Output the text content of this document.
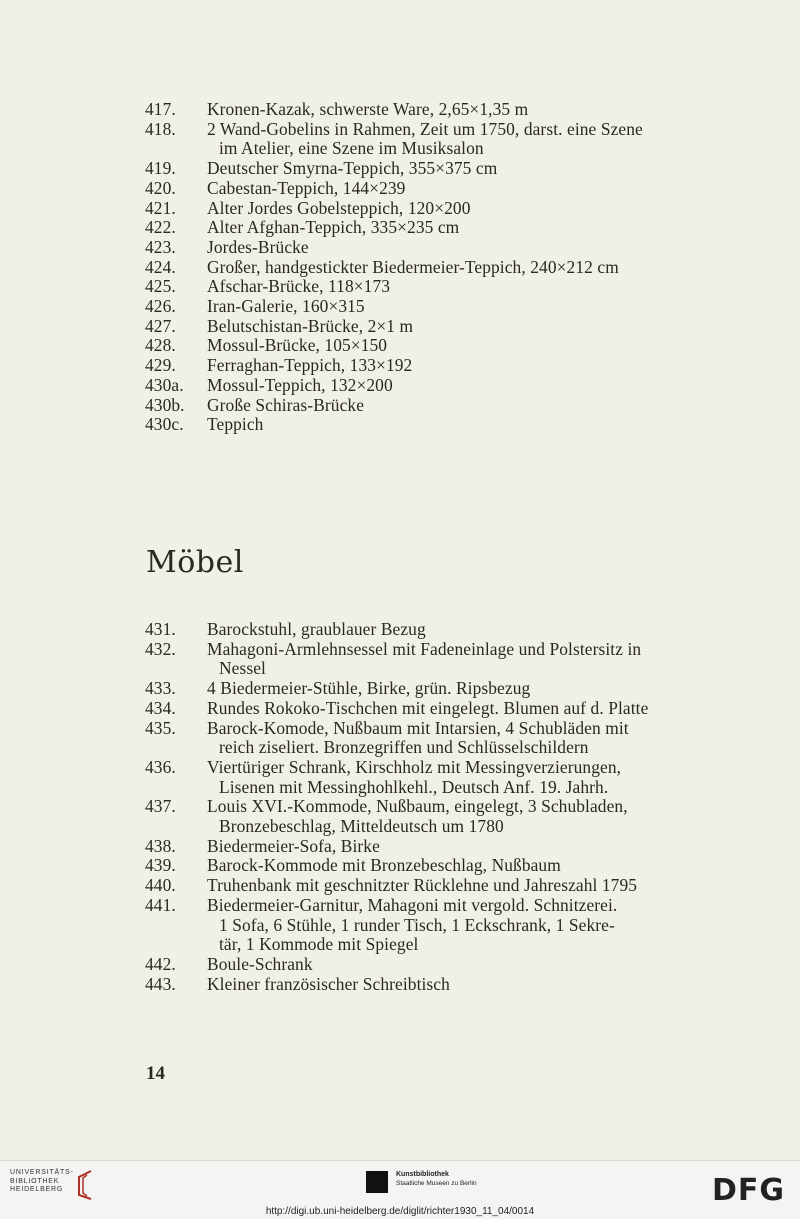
417.	Kronen-Kazak, schwerste Ware, 2,65×1,35 m
418.	2 Wand-Gobelins in Rahmen, Zeit um 1750, darst. eine Szene
im Atelier, eine Szene im Musiksalon
419.	Deutscher Smyrna-Teppich, 355×375 cm
420.	Cabestan-Teppich, 144×239
421.	Alter Jordes Gobelsteppich, 120×200
422.	Alter Afghan-Teppich, 335×235 cm
423.	Jordes-Brücke
424.	Großer, handgestickter Biedermeier-Teppich, 240×212 cm
425.	Afschar-Brücke, 118×173
426.	Iran-Galerie, 160×315
427.	Belutschistan-Brücke, 2×1 m
428.	Mossul-Brücke, 105×150
429.	Ferraghan-Teppich, 133×192
430a.	Mossul-Teppich, 132×200
430b.	Große Schiras-Brücke
430c.	Teppich
Möbel
431.	Barockstuhl, graublauer Bezug
432.	Mahagoni-Armlehnsessel mit Fadeneinlage und Polstersitz in
Nessel
433.	4 Biedermeier-Stühle, Birke, grün. Ripsbezug
434.	Rundes Rokoko-Tischchen mit eingelegt. Blumen auf d. Platte
435.	Barock-Komode, Nußbaum mit Intarsien, 4 Schubläden mit
reich ziseliert. Bronzegriffen und Schlüsselschildern
436.	Viertüriger Schrank, Kirschholz mit Messingverzierungen,
Lisenen mit Messinghohlkehl., Deutsch Anf. 19. Jahrh.
437.	Louis XVI.-Kommode, Nußbaum, eingelegt, 3 Schubladen,
Bronzebeschlag, Mitteldeutsch um 1780
438.	Biedermeier-Sofa, Birke
439.	Barock-Kommode mit Bronzebeschlag, Nußbaum
440.	Truhenbank mit geschnitzter Rücklehne und Jahreszahl 1795
441.	Biedermeier-Garnitur, Mahagoni mit vergold. Schnitzerei.
1 Sofa, 6 Stühle, 1 runder Tisch, 1 Eckschrank, 1 Sekre-
tär, 1 Kommode mit Spiegel
442.	Boule-Schrank
443.	Kleiner französischer Schreibtisch
14
UNIVERSITÄTS-
BIBLIOTHEK
HEIDELBERG
Kunstbibliothek
Staatliche Museen zu Berlin	DFG
http://digi.ub.uni-heidelberg.de/diglit/richter1930_11_04/0014
